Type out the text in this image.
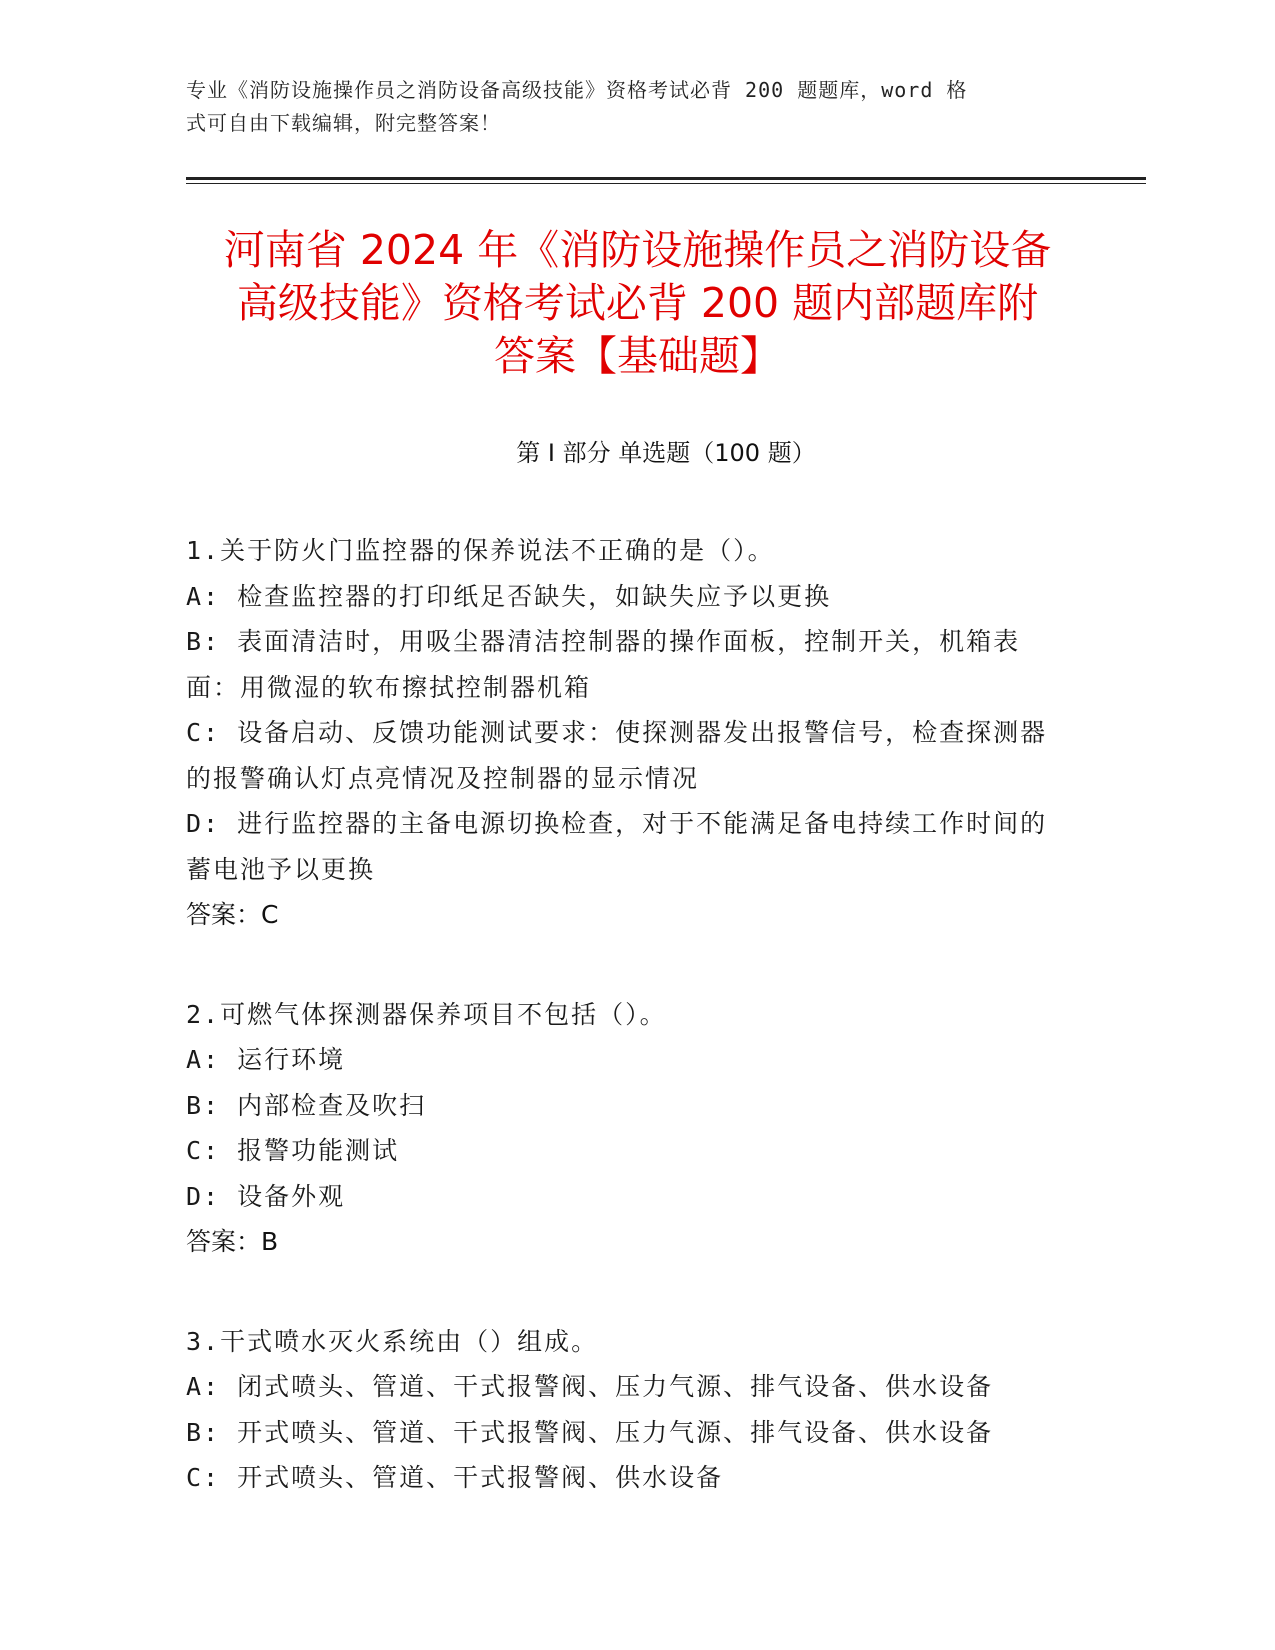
专业《消防设施操作员之消防设备高级技能》资格考试必背 200 题题库，word 格
式可自由下载编辑，附完整答案！
河南省 2024 年《消防设施操作员之消防设备
高级技能》资格考试必背 200 题内部题库附
答案【基础题】
第 I 部分 单选题（100 题）
1.关于防火门监控器的保养说法不正确的是（）。
A: 检查监控器的打印纸足否缺失，如缺失应予以更换
B: 表面清洁时，用吸尘器清洁控制器的操作面板，控制开关，机箱表面：用微湿的软布擦拭控制器机箱
C: 设备启动、反馈功能测试要求：使探测器发出报警信号，检查探测器的报警确认灯点亮情况及控制器的显示情况
D: 进行监控器的主备电源切换检查，对于不能满足备电持续工作时间的蓄电池予以更换
答案：C
2.可燃气体探测器保养项目不包括（）。
A: 运行环境
B: 内部检查及吹扫
C: 报警功能测试
D: 设备外观
答案：B
3.干式喷水灭火系统由（）组成。
A: 闭式喷头、管道、干式报警阀、压力气源、排气设备、供水设备
B: 开式喷头、管道、干式报警阀、压力气源、排气设备、供水设备
C: 开式喷头、管道、干式报警阀、供水设备
